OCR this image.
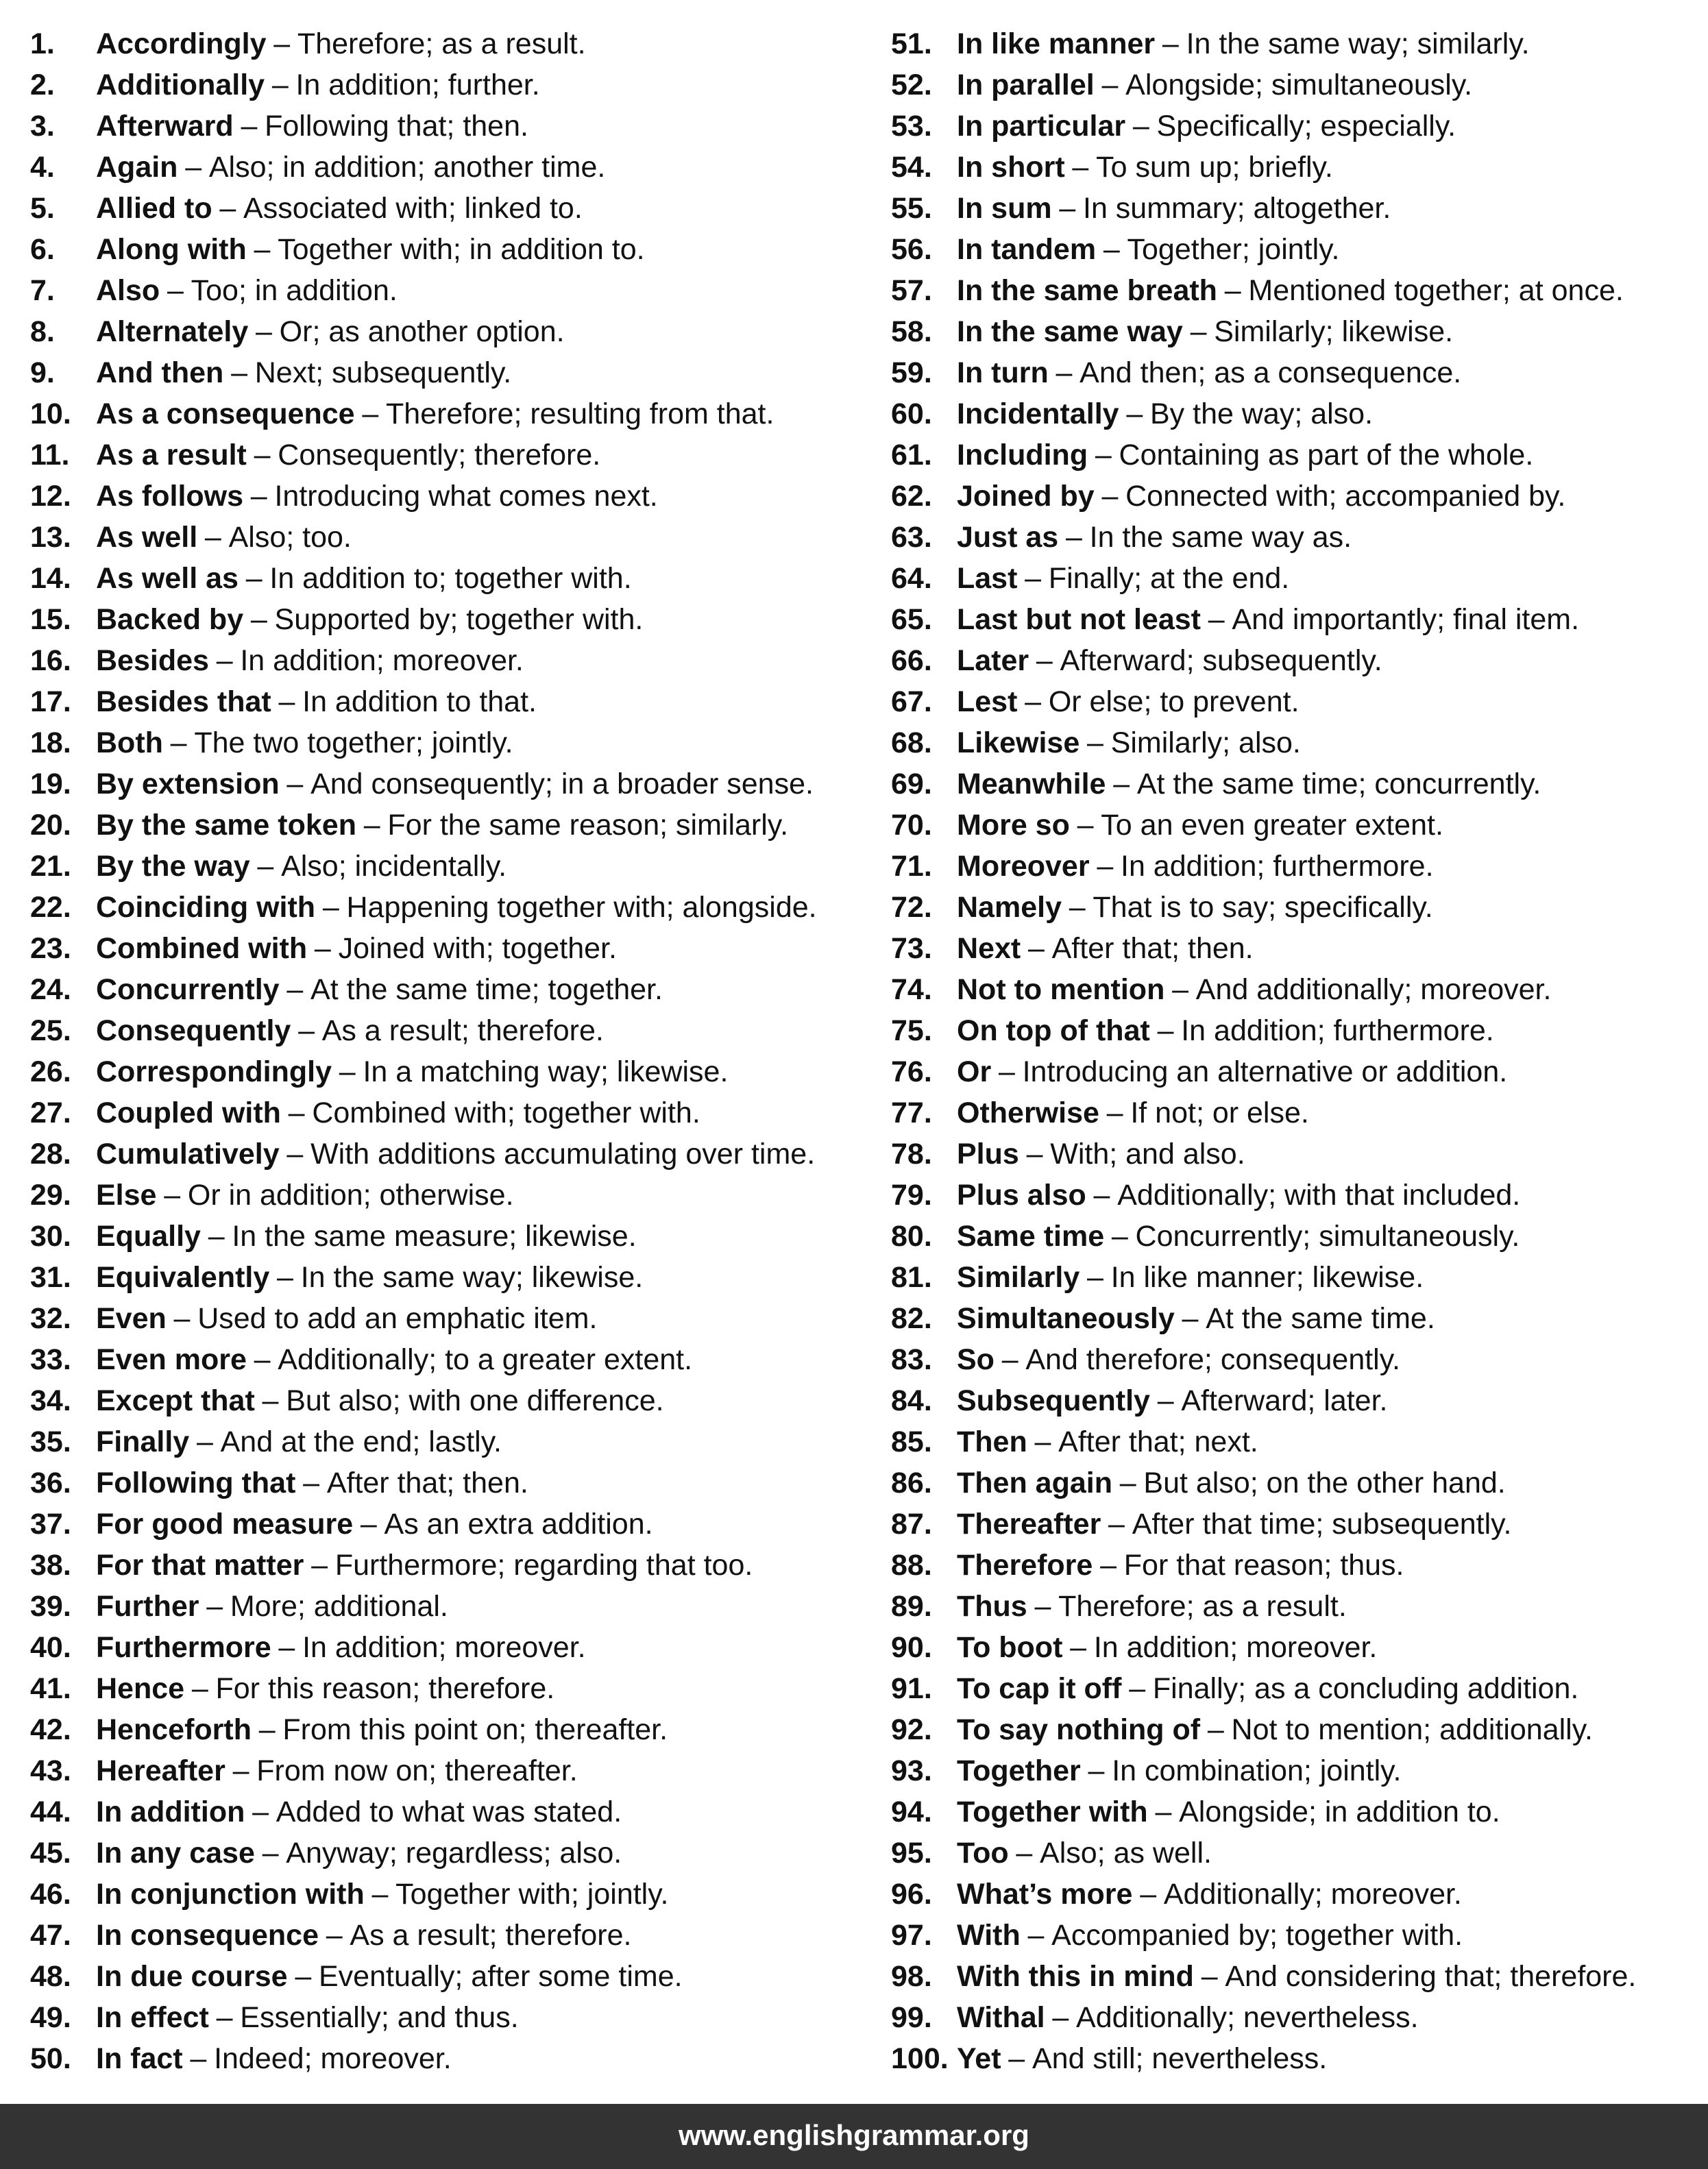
1. Accordingly – Therefore; as a result.
2. Additionally – In addition; further.
3. Afterward – Following that; then.
4. Again – Also; in addition; another time.
5. Allied to – Associated with; linked to.
6. Along with – Together with; in addition to.
7. Also – Too; in addition.
8. Alternately – Or; as another option.
9. And then – Next; subsequently.
10. As a consequence – Therefore; resulting from that.
11. As a result – Consequently; therefore.
12. As follows – Introducing what comes next.
13. As well – Also; too.
14. As well as – In addition to; together with.
15. Backed by – Supported by; together with.
16. Besides – In addition; moreover.
17. Besides that – In addition to that.
18. Both – The two together; jointly.
19. By extension – And consequently; in a broader sense.
20. By the same token – For the same reason; similarly.
21. By the way – Also; incidentally.
22. Coinciding with – Happening together with; alongside.
23. Combined with – Joined with; together.
24. Concurrently – At the same time; together.
25. Consequently – As a result; therefore.
26. Correspondingly – In a matching way; likewise.
27. Coupled with – Combined with; together with.
28. Cumulatively – With additions accumulating over time.
29. Else – Or in addition; otherwise.
30. Equally – In the same measure; likewise.
31. Equivalently – In the same way; likewise.
32. Even – Used to add an emphatic item.
33. Even more – Additionally; to a greater extent.
34. Except that – But also; with one difference.
35. Finally – And at the end; lastly.
36. Following that – After that; then.
37. For good measure – As an extra addition.
38. For that matter – Furthermore; regarding that too.
39. Further – More; additional.
40. Furthermore – In addition; moreover.
41. Hence – For this reason; therefore.
42. Henceforth – From this point on; thereafter.
43. Hereafter – From now on; thereafter.
44. In addition – Added to what was stated.
45. In any case – Anyway; regardless; also.
46. In conjunction with – Together with; jointly.
47. In consequence – As a result; therefore.
48. In due course – Eventually; after some time.
49. In effect – Essentially; and thus.
50. In fact – Indeed; moreover.
51. In like manner – In the same way; similarly.
52. In parallel – Alongside; simultaneously.
53. In particular – Specifically; especially.
54. In short – To sum up; briefly.
55. In sum – In summary; altogether.
56. In tandem – Together; jointly.
57. In the same breath – Mentioned together; at once.
58. In the same way – Similarly; likewise.
59. In turn – And then; as a consequence.
60. Incidentally – By the way; also.
61. Including – Containing as part of the whole.
62. Joined by – Connected with; accompanied by.
63. Just as – In the same way as.
64. Last – Finally; at the end.
65. Last but not least – And importantly; final item.
66. Later – Afterward; subsequently.
67. Lest – Or else; to prevent.
68. Likewise – Similarly; also.
69. Meanwhile – At the same time; concurrently.
70. More so – To an even greater extent.
71. Moreover – In addition; furthermore.
72. Namely – That is to say; specifically.
73. Next – After that; then.
74. Not to mention – And additionally; moreover.
75. On top of that – In addition; furthermore.
76. Or – Introducing an alternative or addition.
77. Otherwise – If not; or else.
78. Plus – With; and also.
79. Plus also – Additionally; with that included.
80. Same time – Concurrently; simultaneously.
81. Similarly – In like manner; likewise.
82. Simultaneously – At the same time.
83. So – And therefore; consequently.
84. Subsequently – Afterward; later.
85. Then – After that; next.
86. Then again – But also; on the other hand.
87. Thereafter – After that time; subsequently.
88. Therefore – For that reason; thus.
89. Thus – Therefore; as a result.
90. To boot – In addition; moreover.
91. To cap it off – Finally; as a concluding addition.
92. To say nothing of – Not to mention; additionally.
93. Together – In combination; jointly.
94. Together with – Alongside; in addition to.
95. Too – Also; as well.
96. What’s more – Additionally; moreover.
97. With – Accompanied by; together with.
98. With this in mind – And considering that; therefore.
99. Withal – Additionally; nevertheless.
100. Yet – And still; nevertheless.
www.englishgrammar.org
